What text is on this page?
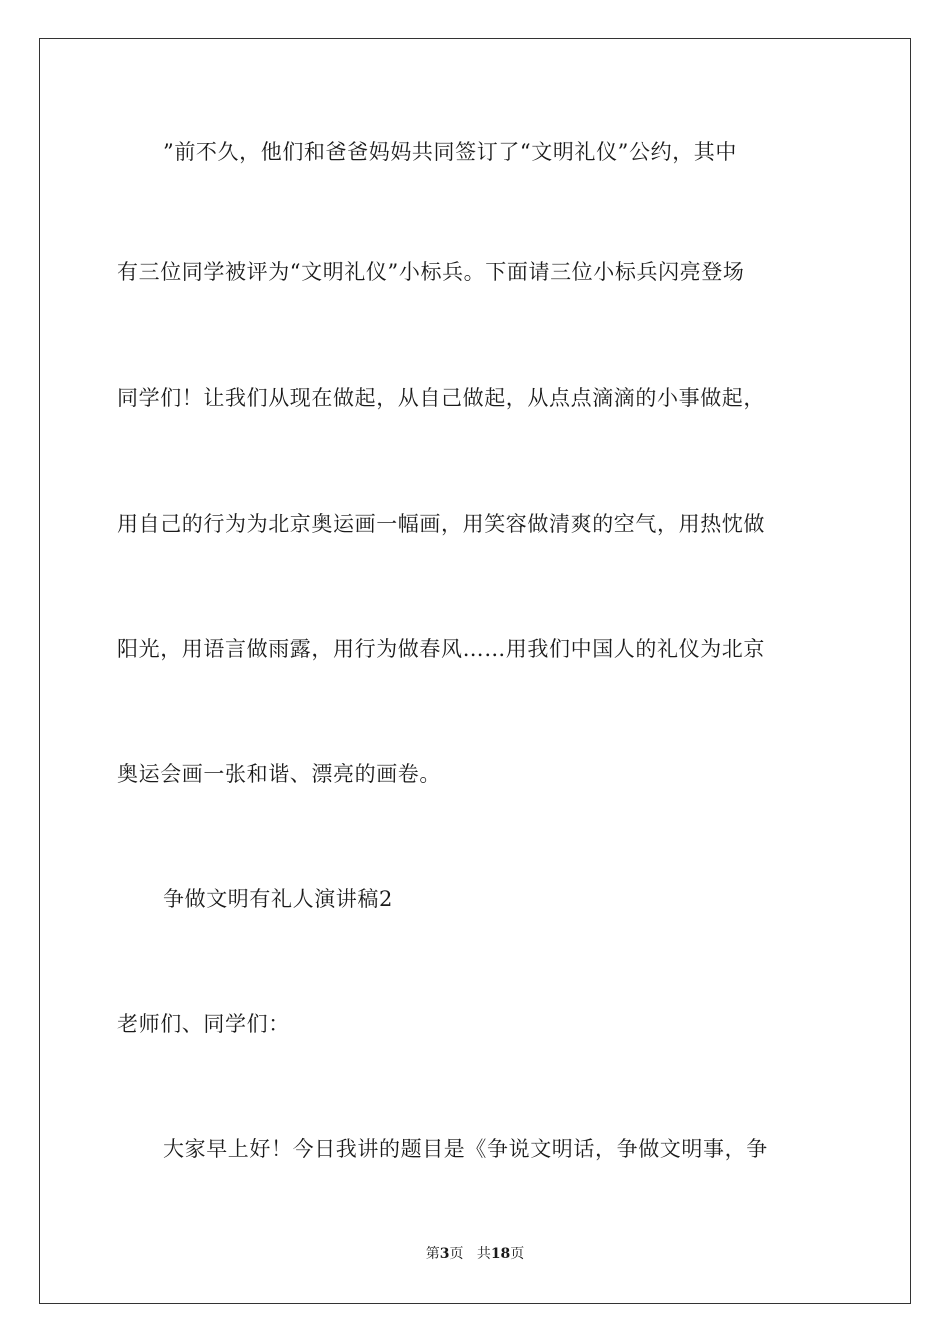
”前不久，他们和爸爸妈妈共同签订了“文明礼仪”公约，其中
有三位同学被评为“文明礼仪”小标兵。下面请三位小标兵闪亮登场
同学们！让我们从现在做起，从自己做起，从点点滴滴的小事做起，
用自己的行为为北京奥运画一幅画，用笑容做清爽的空气，用热忱做
阳光，用语言做雨露，用行为做春风……用我们中国人的礼仪为北京
奥运会画一张和谐、漂亮的画卷。
争做文明有礼人演讲稿2
老师们、同学们：
大家早上好！今日我讲的题目是《争说文明话，争做文明事，争
第3页 共18页
